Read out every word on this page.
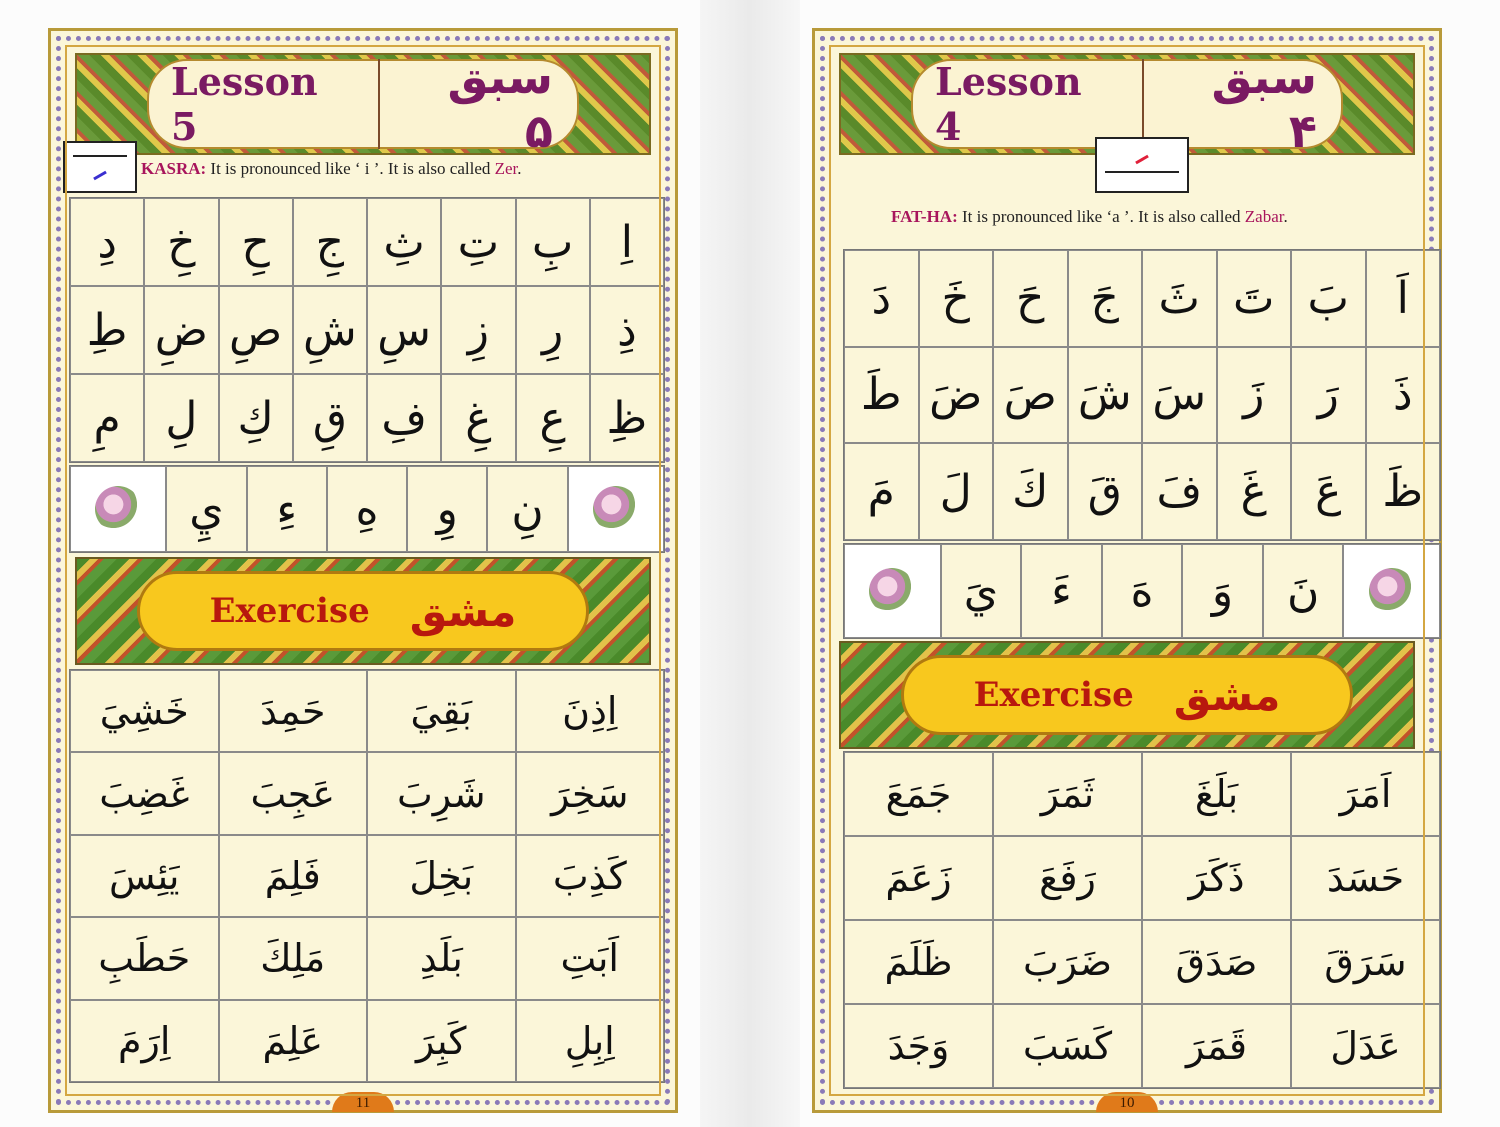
Lesson 5
سبق ۵
KASRA: It is pronounced like ‘ i ’. It is also called Zer.
اِ
بِ
تِ
ثِ
جِ
حِ
خِ
دِ
ذِ
رِ
زِ
سِ
شِ
صِ
ضِ
طِ
ظِ
عِ
غِ
فِ
قِ
كِ
لِ
مِ
نِ
وِ
هِ
ءِ
يِ
Exercise مشق
اِذِنَ
بَقِيَ
حَمِدَ
خَشِيَ
سَخِرَ
شَرِبَ
عَجِبَ
غَضِبَ
كَذِبَ
بَخِلَ
فَلِمَ
يَئِسَ
اَبَتِ
بَلَدِ
مَلِكَ
حَطَبِ
اِبِلِ
كَبِرَ
عَلِمَ
اِرَمَ
11
Lesson 4
سبق ۴
FAT-HA: It is pronounced like ‘a ’. It is also called Zabar.
اَ
بَ
تَ
ثَ
جَ
حَ
خَ
دَ
ذَ
رَ
زَ
سَ
شَ
صَ
ضَ
طَ
ظَ
عَ
غَ
فَ
قَ
كَ
لَ
مَ
نَ
وَ
هَ
ءَ
يَ
Exercise مشق
اَمَرَ
بَلَغَ
ثَمَرَ
جَمَعَ
حَسَدَ
ذَكَرَ
رَفَعَ
زَعَمَ
سَرَقَ
صَدَقَ
ضَرَبَ
ظَلَمَ
عَدَلَ
قَمَرَ
كَسَبَ
وَجَدَ
10
